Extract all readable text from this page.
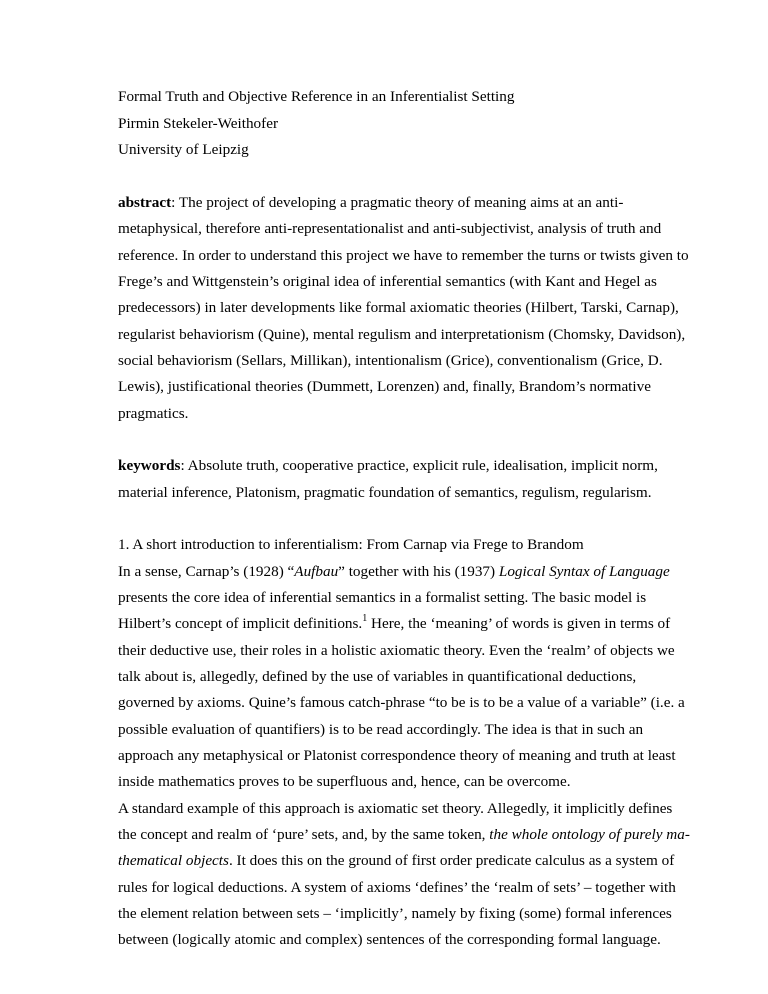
Formal Truth and Objective Reference in an Inferentialist Setting
Pirmin Stekeler-Weithofer
University of Leipzig
abstract: The project of developing a pragmatic theory of meaning aims at an anti-
metaphysical, therefore anti-representationalist and anti-subjectivist, analysis of truth and
reference. In order to understand this project we have to remember the turns or twists given to
Frege’s and Wittgenstein’s original idea of inferential semantics (with Kant and Hegel as
predecessors) in later developments like formal axiomatic theories (Hilbert, Tarski, Carnap),
regularist behaviorism (Quine), mental regulism and interpretationism (Chomsky, Davidson),
social behaviorism (Sellars, Millikan), intentionalism (Grice), conventionalism (Grice, D.
Lewis), justificational theories (Dummett, Lorenzen) and, finally, Brandom’s normative
pragmatics.
keywords: Absolute truth, cooperative practice, explicit rule, idealisation, implicit norm,
material inference, Platonism, pragmatic foundation of semantics, regulism, regularism.
1. A short introduction to inferentialism: From Carnap via Frege to Brandom
In a sense, Carnap’s (1928) “Aufbau” together with his (1937) Logical Syntax of Language
presents the core idea of inferential semantics in a formalist setting. The basic model is
Hilbert’s concept of implicit definitions.$^1$ Here, the ‘meaning’ of words is given in terms of
their deductive use, their roles in a holistic axiomatic theory. Even the ‘realm’ of objects we
talk about is, allegedly, defined by the use of variables in quantificational deductions,
governed by axioms. Quine’s famous catch-phrase “to be is to be a value of a variable” (i.e. a
possible evaluation of quantifiers) is to be read accordingly. The idea is that in such an
approach any metaphysical or Platonist correspondence theory of meaning and truth at least
inside mathematics proves to be superfluous and, hence, can be overcome.
A standard example of this approach is axiomatic set theory. Allegedly, it implicitly defines
the concept and realm of ‘pure’ sets, and, by the same token, the whole ontology of purely ma-
thematical objects. It does this on the ground of first order predicate calculus as a system of
rules for logical deductions. A system of axioms ‘defines’ the ‘realm of sets’ – together with
the element relation between sets – ‘implicitly’, namely by fixing (some) formal inferences
between (logically atomic and complex) sentences of the corresponding formal language.
